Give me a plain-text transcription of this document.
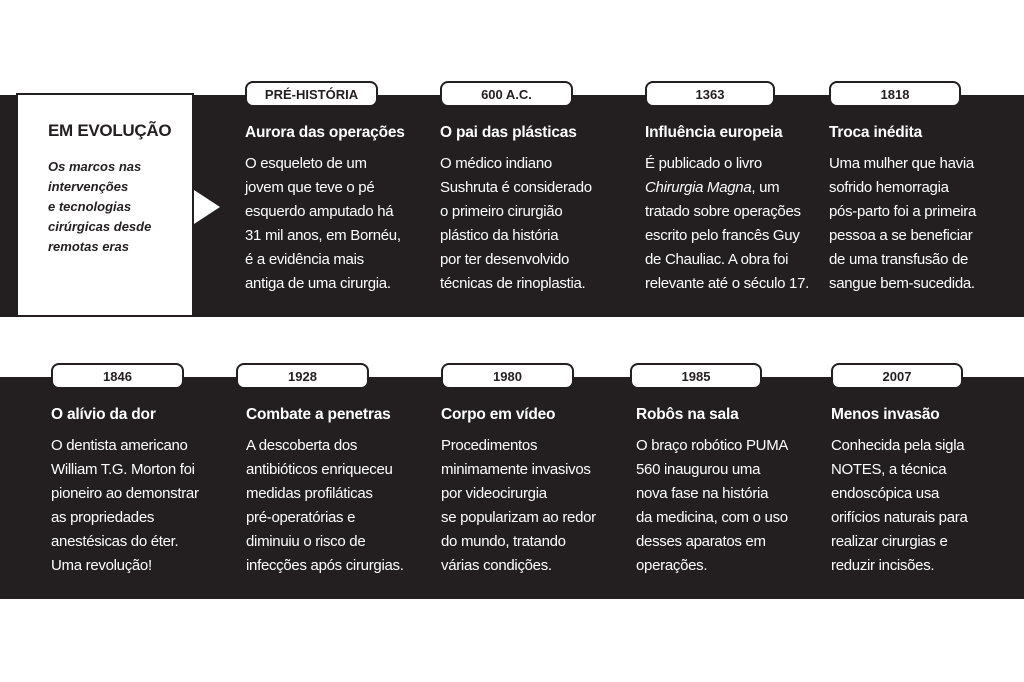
EM EVOLUÇÃO
Os marcos nas
intervenções
e tecnologias
cirúrgicas desde
remotas eras
PRÉ-HISTÓRIA
Aurora das operações
O esqueleto de um
jovem que teve o pé
esquerdo amputado há
31 mil anos, em Bornéu,
é a evidência mais
antiga de uma cirurgia.
600 A.C.
O pai das plásticas
O médico indiano
Sushruta é considerado
o primeiro cirurgião
plástico da história
por ter desenvolvido
técnicas de rinoplastia.
1363
Influência europeia
É publicado o livro
Chirurgia Magna, um
tratado sobre operações
escrito pelo francês Guy
de Chauliac. A obra foi
relevante até o século 17.
1818
Troca inédita
Uma mulher que havia
sofrido hemorragia
pós-parto foi a primeira
pessoa a se beneficiar
de uma transfusão de
sangue bem-sucedida.
1846
O alívio da dor
O dentista americano
William T.G. Morton foi
pioneiro ao demonstrar
as propriedades
anestésicas do éter.
Uma revolução!
1928
Combate a penetras
A descoberta dos
antibióticos enriqueceu
medidas profiláticas
pré-operatórias e
diminuiu o risco de
infecções após cirurgias.
1980
Corpo em vídeo
Procedimentos
minimamente invasivos
por videocirurgia
se popularizam ao redor
do mundo, tratando
várias condições.
1985
Robôs na sala
O braço robótico PUMA
560 inaugurou uma
nova fase na história
da medicina, com o uso
desses aparatos em
operações.
2007
Menos invasão
Conhecida pela sigla
NOTES, a técnica
endoscópica usa
orifícios naturais para
realizar cirurgias e
reduzir incisões.
